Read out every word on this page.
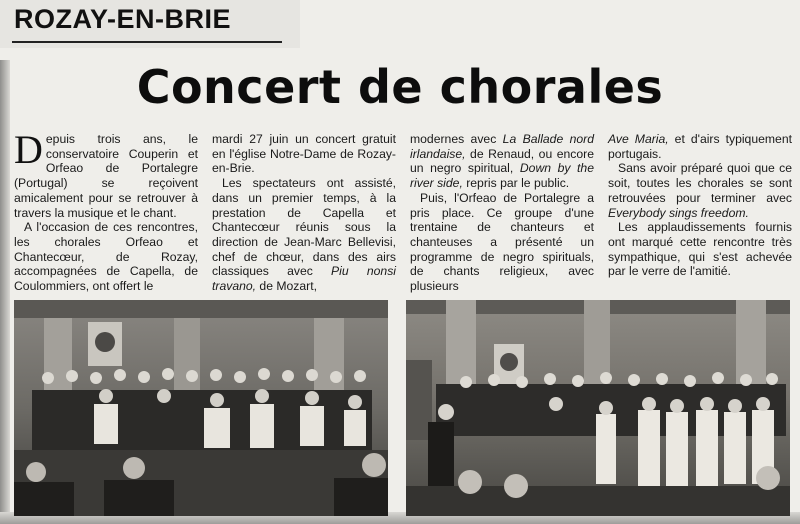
ROZAY-EN-BRIE
Concert de chorales

Depuis trois ans, le conservatoire Couperin et Orfeao de Portalegre (Portugal) se reçoivent amicalement pour se retrouver à travers la musique et le chant.

A l'occasion de ces rencontres, les chorales Orfeao et Chantecœur, de Rozay, accompagnées de Capella, de Coulommiers, ont offert le

mardi 27 juin un concert gratuit en l'église Notre-Dame de Rozay-en-Brie.

Les spectateurs ont assisté, dans un premier temps, à la prestation de Capella et Chantecœur réunis sous la direction de Jean-Marc Bellevisi, chef de chœur, dans des airs classiques avec Piu nonsi travano, de Mozart,

modernes avec La Ballade nord irlandaise, de Renaud, ou encore un negro spiritual, Down by the river side, repris par le public.

Puis, l'Orfeao de Portalegre a pris place. Ce groupe d'une trentaine de chanteurs et chanteuses a présenté un programme de negro spirituals, de chants religieux, avec plusieurs

Ave Maria, et d'airs typiquement portugais.

Sans avoir préparé quoi que ce soit, toutes les chorales se sont retrouvées pour terminer avec Everybody sings freedom.

Les applaudissements fournis ont marqué cette rencontre très sympathique, qui s'est achevée par le verre de l'amitié.
